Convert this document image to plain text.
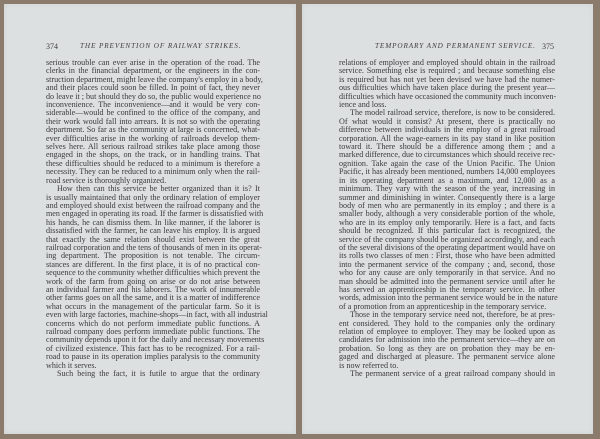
374	THE PREVENTION OF RAILWAY STRIKES.
serious trouble can ever arise in the operation of the road. The
clerks in the financial department, or the engineers in the con-
struction department, might leave the company's employ in a body,
and their places could soon be filled. In point of fact, they never
do leave it ; but should they do so, the public would experience no
inconvenience. The inconvenience—and it would be very con-
siderable—would be confined to the office of the company, and
their work would fall into arrears. It is not so with the operating
department. So far as the community at large is concerned, what-
ever difficulties arise in the working of railroads develop them-
selves here. All serious railroad strikes take place among those
engaged in the shops, on the track, or in handling trains. That
these difficulties should be reduced to a minimum is therefore a
necessity. They can be reduced to a minimum only when the rail-
road service is thoroughly organized.
How then can this service be better organized than it is? It
is usually maintained that only the ordinary relation of employer
and employed should exist between the railroad company and the
men engaged in operating its road. If the farmer is dissatisfied with
his hands, he can dismiss them. In like manner, if the laborer is
dissatisfied with the farmer, he can leave his employ. It is argued
that exactly the same relation should exist between the great
railroad corporation and the tens of thousands of men in its operat-
ing department. The proposition is not tenable. The circum-
stances are different. In the first place, it is of no practical con-
sequence to the community whether difficulties which prevent the
work of the farm from going on arise or do not arise between
an individual farmer and his laborers. The work of innumerable
other farms goes on all the same, and it is a matter of indifference
what occurs in the management of the particular farm. So it is
even with large factories, machine-shops—in fact, with all industrial
concerns which do not perform immediate public functions. A
railroad company does perform immediate public functions. The
community depends upon it for the daily and necessary movements
of civilized existence. This fact has to be recognized. For a rail-
road to pause in its operation implies paralysis to the community
which it serves.
Such being the fact, it is futile to argue that the ordinary
TEMPORARY AND PERMANENT SERVICE. 375
relations of employer and employed should obtain in the railroad
service. Something else is required ; and because something else
is required but has not yet been devised we have had the numer-
ous difficulties which have taken place during the present year—
difficulties which have occasioned the community much inconven-
ience and loss.
The model railroad service, therefore, is now to be considered.
Of what would it consist? At present, there is practically no
difference between individuals in the employ of a great railroad
corporation. All the wage-earners in its pay stand in like position
toward it. There should be a difference among them ; and a
marked difference, due to circumstances which should receive rec-
ognition. Take again the case of the Union Pacific. The Union
Pacific, it has already been mentioned, numbers 14,000 employees
in its operating department as a maximum, and 12,000 as a
minimum. They vary with the season of the year, increasing in
summer and diminishing in winter. Consequently there is a large
body of men who are permanently in its employ ; and there is a
smaller body, although a very considerable portion of the whole,
who are in its employ only temporarily. Here is a fact, and facts
should be recognized. If this particular fact is recognized, the
service of the company should be organized accordingly, and each
of the several divisions of the operating department would have on
its rolls two classes of men : First, those who have been admitted
into the permanent service of the company ; and, second, those
who for any cause are only temporarily in that service. And no
man should be admitted into the permanent service until after he
has served an apprenticeship in the temporary service. In other
words, admission into the permanent service would be in the nature
of a promotion from an apprenticeship in the temporary service.
Those in the temporary service need not, therefore, be at pres-
ent considered. They hold to the companies only the ordinary
relation of employee to employer. They may be looked upon as
candidates for admission into the permanent service—they are on
probation. So long as they are on probation they may be en-
gaged and discharged at pleasure. The permanent service alone
is now referred to.
The permanent service of a great railroad company should in
